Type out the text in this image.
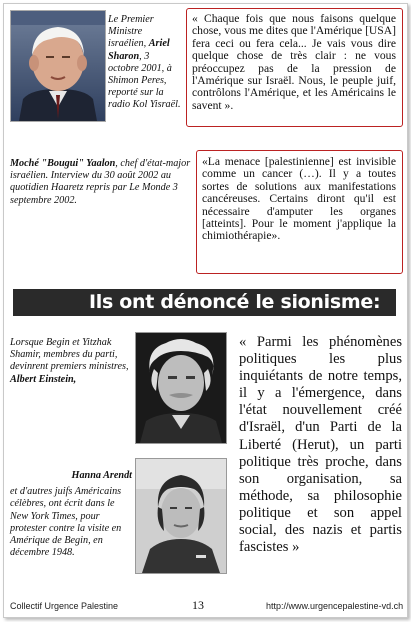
Le Premier Ministre israélien, Ariel Sharon, 3 octobre 2001, à Shimon Peres, reporté sur la radio Kol Yisraël.
« Chaque fois que nous faisons quelque chose, vous me dites que l'Amérique [USA] fera ceci ou fera cela... Je vais vous dire quelque chose de très clair : ne vous préoccupez pas de la pression de l'Amérique sur Israël. Nous, le peuple juif, contrôlons l'Amérique, et les Américains le savent ».
Moché "Bougui" Yaalon, chef d'état-major israélien. Interview du 30 août 2002 au quotidien Haaretz repris par Le Monde 3 septembre 2002.
«La menace [palestinienne] est invisible comme un cancer (…). Il y a toutes sortes de solutions aux manifestations cancéreuses. Certains diront qu'il est nécessaire d'amputer les organes [atteints]. Pour le moment j'applique la chimiothérapie».
Ils ont dénoncé le sionisme:
Lorsque Begin et Yitzhak Shamir, membres du parti, devinrent premiers ministres, Albert Einstein,
« Parmi les phénomènes politiques les plus inquiétants de notre temps, il y a l'émergence, dans l'état nouvellement créé d'Israël, d'un Parti de la Liberté (Herut), un parti politique très proche, dans son organisation, sa méthode, sa philosophie politique et son appel social, des nazis et partis fascistes »
Hanna Arendt
et d'autres juifs Américains célèbres, ont écrit dans le New York Times, pour protester contre la visite en Amérique de Begin, en décembre 1948.
Collectif Urgence Palestine	13	http://www.urgencepalestine-vd.ch
